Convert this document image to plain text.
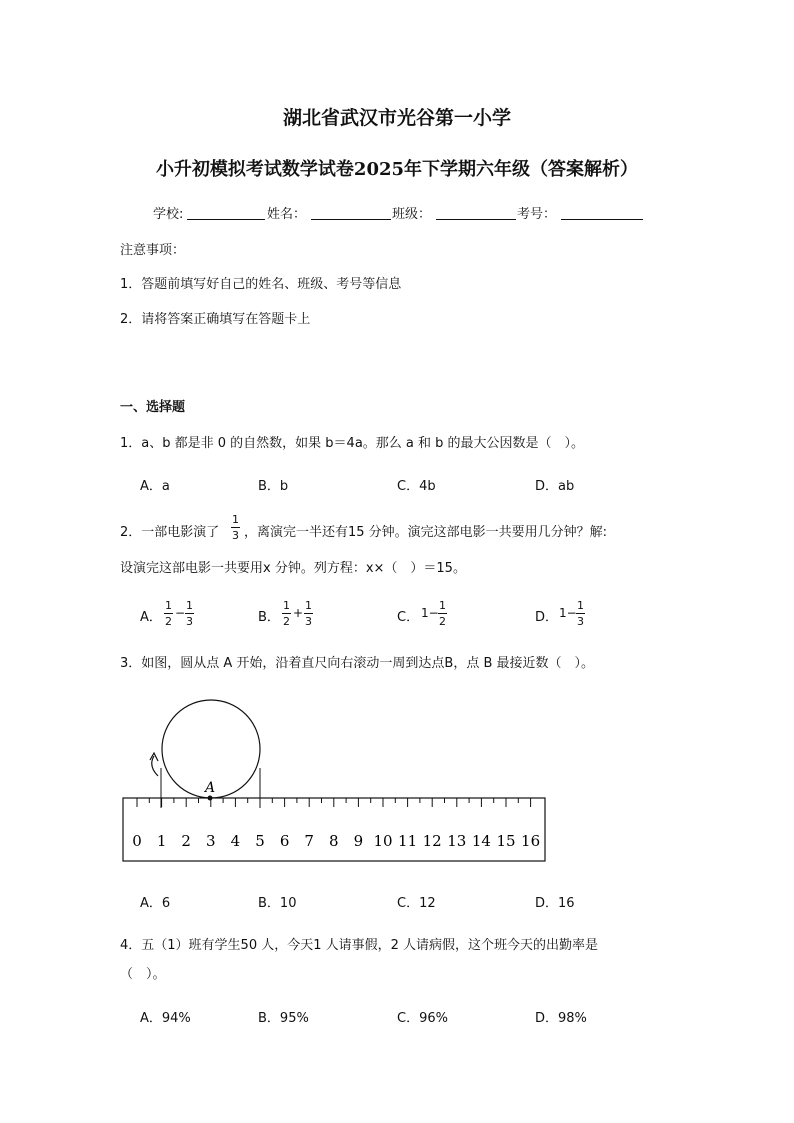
湖北省武汉市光谷第一小学
小升初模拟考试数学试卷2025年下学期六年级（答案解析）
学校:	姓名：	班级：	考号：
注意事项：
1．答题前填写好自己的姓名、班级、考号等信息
2．请将答案正确填写在答题卡上
一、选择题
1．a、b 都是非 0 的自然数，如果 b＝4a。那么 a 和 b 的最大公因数是（　）。
A．a	B．b	C．4b	D．ab
2．一部电影演了
1
3 ，离演完一半还有15 分钟。演完这部电影一共要用几分钟？解:
设演完这部电影一共要用x 分钟。列方程：x×（　）＝15。
A．
1
2
−
1
3	B．
1
2
+
1
3	C． 1−
1
2	D． 1−
1
3
3．如图，圆从点 A 开始，沿着直尺向右滚动一周到达点B，点 B 最接近数（　）。
A
0 1 2 3 4 5 6 7 8 9 10 11 12 13 14 15 16
A．6	B．10	C．12	D．16
4．五（1）班有学生50 人，今天1 人请事假，2 人请病假，这个班今天的出勤率是
（　）。
A．94%	B．95%	C．96%	D．98%
